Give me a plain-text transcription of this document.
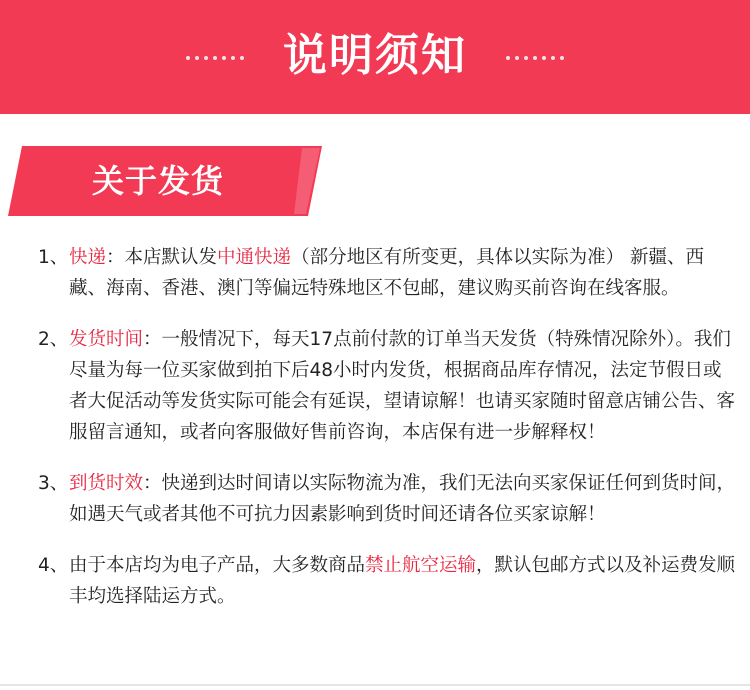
说明须知
关于发货
1、 快递：本店默认发中通快递（部分地区有所变更，具体以实际为准） 新疆、西藏、海南、香港、澳门等偏远特殊地区不包邮，建议购买前咨询在线客服。
2、 发货时间：一般情况下，每天17点前付款的订单当天发货（特殊情况除外）。我们尽量为每一位买家做到拍下后48小时内发货，根据商品库存情况，法定节假日或者大促活动等发货实际可能会有延误，望请谅解！也请买家随时留意店铺公告、客服留言通知，或者向客服做好售前咨询，本店保有进一步解释权！
3、 到货时效：快递到达时间请以实际物流为准，我们无法向买家保证任何到货时间，如遇天气或者其他不可抗力因素影响到货时间还请各位买家谅解！
4、 由于本店均为电子产品，大多数商品禁止航空运输，默认包邮方式以及补运费发顺丰均选择陆运方式。
